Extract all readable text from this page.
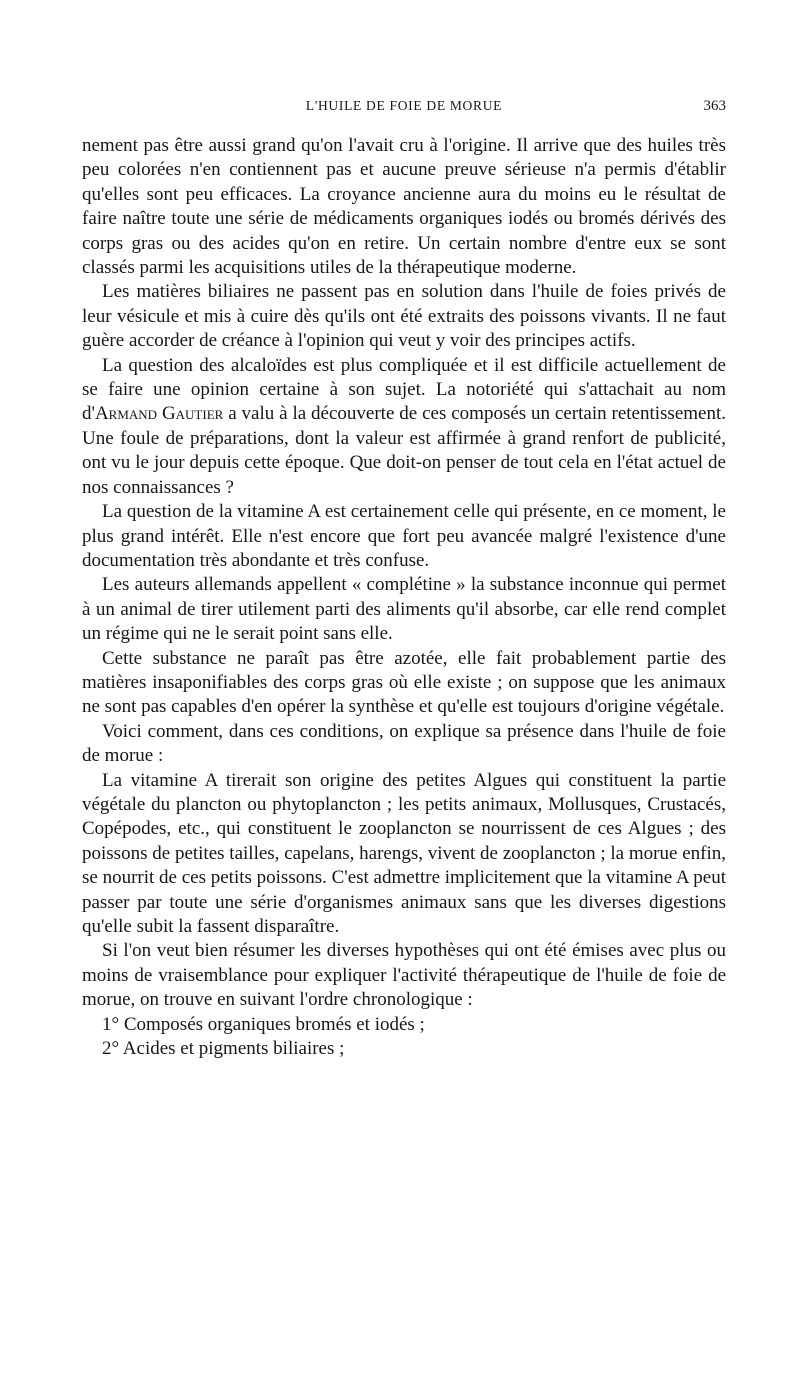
L'HUILE DE FOIE DE MORUE	363

nement pas être aussi grand qu'on l'avait cru à l'origine. Il arrive que des huiles très peu colorées n'en contiennent pas et aucune preuve sérieuse n'a permis d'établir qu'elles sont peu efficaces. La croyance ancienne aura du moins eu le résultat de faire naître toute une série de médicaments organiques iodés ou bromés dérivés des corps gras ou des acides qu'on en retire. Un certain nombre d'entre eux se sont classés parmi les acquisitions utiles de la thérapeutique moderne.

Les matières biliaires ne passent pas en solution dans l'huile de foies privés de leur vésicule et mis à cuire dès qu'ils ont été extraits des poissons vivants. Il ne faut guère accorder de créance à l'opinion qui veut y voir des principes actifs.

La question des alcaloïdes est plus compliquée et il est difficile actuellement de se faire une opinion certaine à son sujet. La notoriété qui s'attachait au nom d'Armand Gautier a valu à la découverte de ces composés un certain retentissement. Une foule de préparations, dont la valeur est affirmée à grand renfort de publicité, ont vu le jour depuis cette époque. Que doit-on penser de tout cela en l'état actuel de nos connaissances ?

La question de la vitamine A est certainement celle qui présente, en ce moment, le plus grand intérêt. Elle n'est encore que fort peu avancée malgré l'existence d'une documentation très abondante et très confuse.

Les auteurs allemands appellent « complétine » la substance inconnue qui permet à un animal de tirer utilement parti des aliments qu'il absorbe, car elle rend complet un régime qui ne le serait point sans elle.

Cette substance ne paraît pas être azotée, elle fait probablement partie des matières insaponifiables des corps gras où elle existe ; on suppose que les animaux ne sont pas capables d'en opérer la synthèse et qu'elle est toujours d'origine végétale.

Voici comment, dans ces conditions, on explique sa présence dans l'huile de foie de morue :

La vitamine A tirerait son origine des petites Algues qui constituent la partie végétale du plancton ou phytoplancton ; les petits animaux, Mollusques, Crustacés, Copépodes, etc., qui constituent le zooplancton se nourrissent de ces Algues ; des poissons de petites tailles, capelans, harengs, vivent de zooplancton ; la morue enfin, se nourrit de ces petits poissons. C'est admettre implicitement que la vitamine A peut passer par toute une série d'organismes animaux sans que les diverses digestions qu'elle subit la fassent disparaître.

Si l'on veut bien résumer les diverses hypothèses qui ont été émises avec plus ou moins de vraisemblance pour expliquer l'activité thérapeutique de l'huile de foie de morue, on trouve en suivant l'ordre chronologique :

1° Composés organiques bromés et iodés ;
2° Acides et pigments biliaires ;
